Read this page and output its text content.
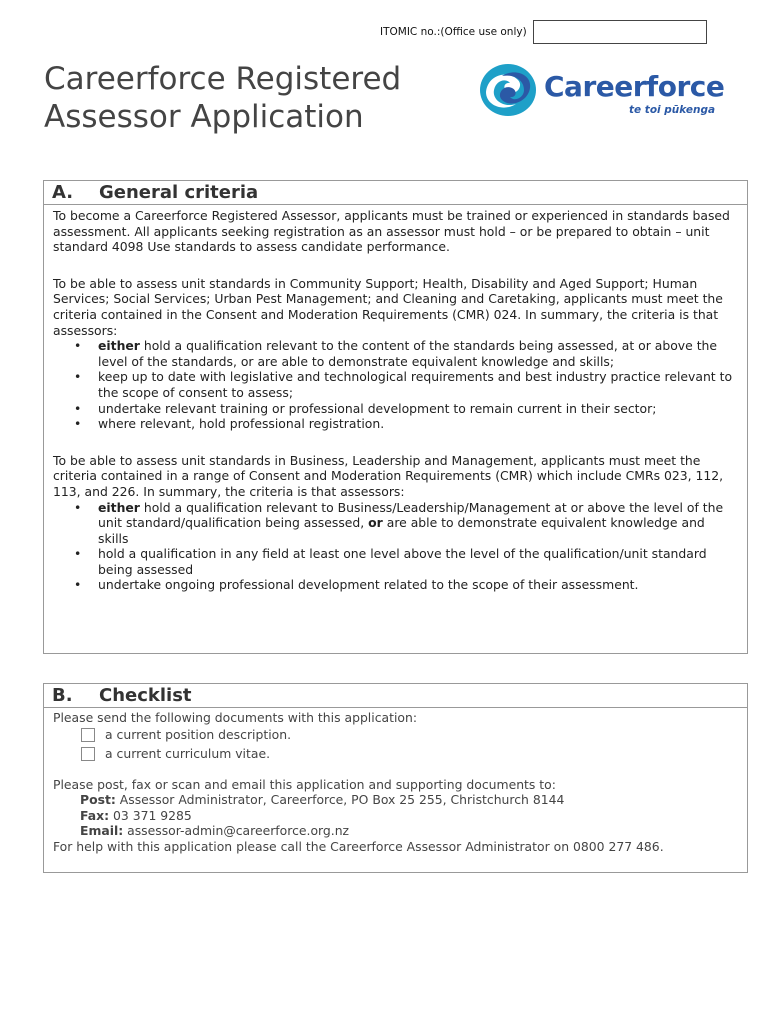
ITOMIC no.:(Office use only)
Careerforce Registered Assessor Application
Careerforce
te toi pūkenga
A.	General criteria

To become a Careerforce Registered Assessor, applicants must be trained or experienced in standards based assessment. All applicants seeking registration as an assessor must hold – or be prepared to obtain – unit standard 4098 Use standards to assess candidate performance.

To be able to assess unit standards in Community Support; Health, Disability and Aged Support; Human Services; Social Services; Urban Pest Management; and Cleaning and Caretaking, applicants must meet the criteria contained in the Consent and Moderation Requirements (CMR) 024. In summary, the criteria is that assessors:

• either hold a qualification relevant to the content of the standards being assessed, at or above the level of the standards, or are able to demonstrate equivalent knowledge and skills;
• keep up to date with legislative and technological requirements and best industry practice relevant to the scope of consent to assess;
• undertake relevant training or professional development to remain current in their sector;
• where relevant, hold professional registration.

To be able to assess unit standards in Business, Leadership and Management, applicants must meet the criteria contained in a range of Consent and Moderation Requirements (CMR) which include CMRs 023, 112, 113, and 226. In summary, the criteria is that assessors:

• either hold a qualification relevant to Business/Leadership/Management at or above the level of the unit standard/qualification being assessed, or are able to demonstrate equivalent knowledge and skills
• hold a qualification in any field at least one level above the level of the qualification/unit standard being assessed
• undertake ongoing professional development related to the scope of their assessment.
B.	Checklist

Please send the following documents with this application:

a current position description.
a current curriculum vitae.

Please post, fax or scan and email this application and supporting documents to:

Post: Assessor Administrator, Careerforce, PO Box 25 255, Christchurch 8144

Fax: 03 371 9285

Email: assessor-admin@careerforce.org.nz

For help with this application please call the Careerforce Assessor Administrator on 0800 277 486.
